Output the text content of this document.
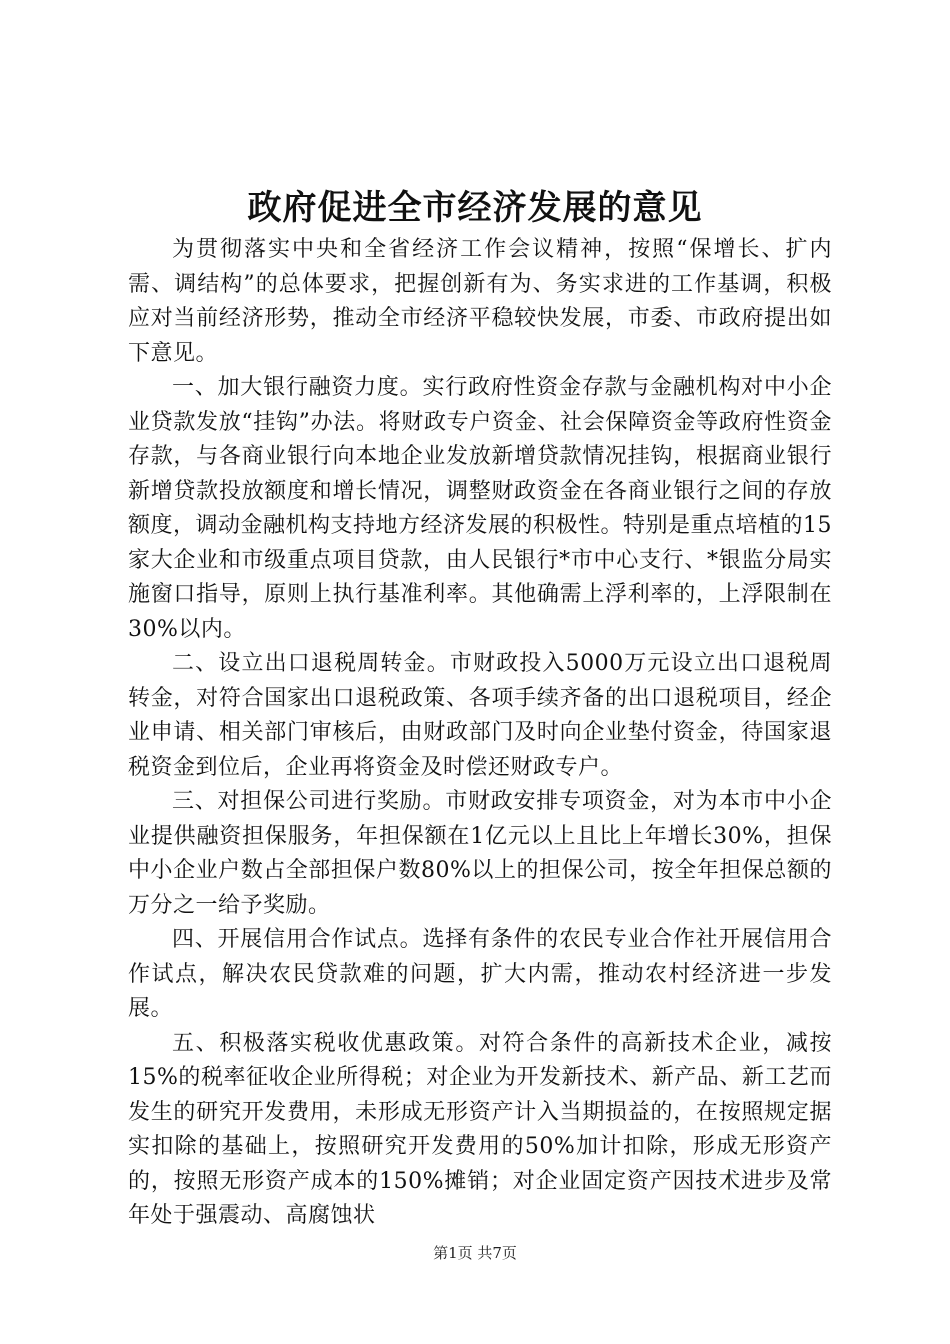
政府促进全市经济发展的意见

为贯彻落实中央和全省经济工作会议精神，按照“保增长、扩内需、调结构”的总体要求，把握创新有为、务实求进的工作基调，积极应对当前经济形势，推动全市经济平稳较快发展，市委、市政府提出如下意见。

一、加大银行融资力度。实行政府性资金存款与金融机构对中小企业贷款发放“挂钩”办法。将财政专户资金、社会保障资金等政府性资金存款，与各商业银行向本地企业发放新增贷款情况挂钩，根据商业银行新增贷款投放额度和增长情况，调整财政资金在各商业银行之间的存放额度，调动金融机构支持地方经济发展的积极性。特别是重点培植的15家大企业和市级重点项目贷款，由人民银行*市中心支行、*银监分局实施窗口指导，原则上执行基准利率。其他确需上浮利率的，上浮限制在30%以内。

二、设立出口退税周转金。市财政投入5000万元设立出口退税周转金，对符合国家出口退税政策、各项手续齐备的出口退税项目，经企业申请、相关部门审核后，由财政部门及时向企业垫付资金，待国家退税资金到位后，企业再将资金及时偿还财政专户。

三、对担保公司进行奖励。市财政安排专项资金，对为本市中小企业提供融资担保服务，年担保额在1亿元以上且比上年增长30%，担保中小企业户数占全部担保户数80%以上的担保公司，按全年担保总额的万分之一给予奖励。

四、开展信用合作试点。选择有条件的农民专业合作社开展信用合作试点，解决农民贷款难的问题，扩大内需，推动农村经济进一步发展。

五、积极落实税收优惠政策。对符合条件的高新技术企业，减按15%的税率征收企业所得税；对企业为开发新技术、新产品、新工艺而发生的研究开发费用，未形成无形资产计入当期损益的，在按照规定据实扣除的基础上，按照研究开发费用的50%加计扣除，形成无形资产的，按照无形资产成本的150%摊销；对企业固定资产因技术进步及常年处于强震动、高腐蚀状

第1页 共7页
